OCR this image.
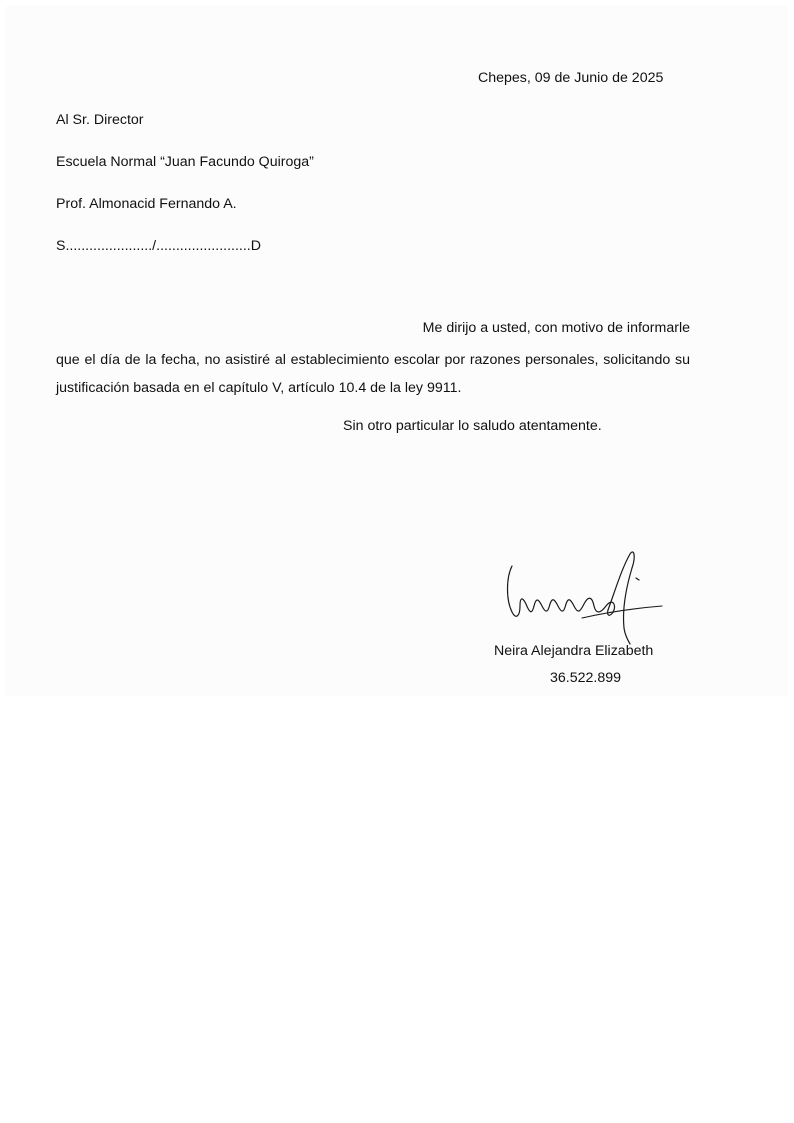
Chepes, 09 de Junio de 2025
Al Sr. Director
Escuela Normal “Juan Facundo Quiroga”
Prof. Almonacid Fernando A.
S....................../........................D
Me dirijo a usted, con motivo de informarle
que el día de la fecha, no asistiré al establecimiento escolar por razones personales, solicitando su justificación basada en el capítulo V, artículo 10.4 de la ley 9911.
Sin otro particular lo saludo atentamente.
Neira Alejandra Elizabeth
36.522.899
